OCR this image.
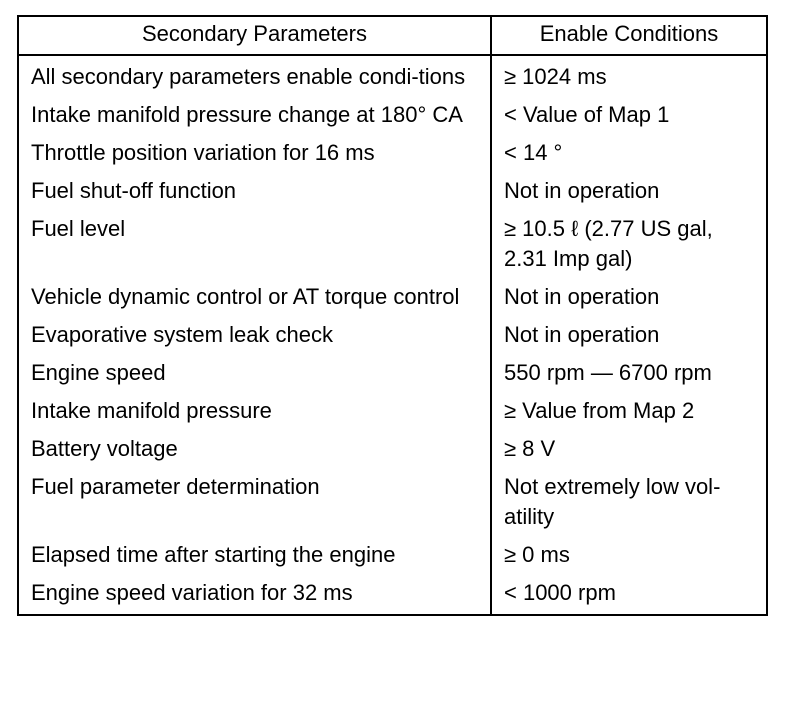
Secondary Parameters	Enable Conditions
All secondary parameters enable condi-tions	≥ 1024 ms
Intake manifold pressure change at 180° CA	< Value of Map 1
Throttle position variation for 16 ms	< 14 °
Fuel shut-off function	Not in operation
Fuel level	≥ 10.5 ℓ (2.77 US gal, 2.31 Imp gal)
Vehicle dynamic control or AT torque control	Not in operation
Evaporative system leak check	Not in operation
Engine speed	550 rpm — 6700 rpm
Intake manifold pressure	≥ Value from Map 2
Battery voltage	≥ 8 V
Fuel parameter determination	Not extremely low vol-atility
Elapsed time after starting the engine	≥ 0 ms
Engine speed variation for 32 ms	< 1000 rpm
